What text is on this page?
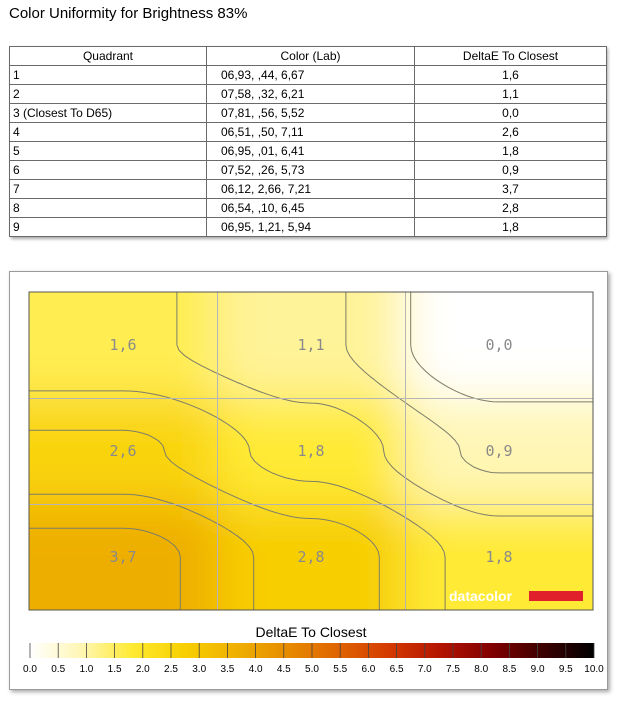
Color Uniformity for Brightness 83%
Quadrant	Color (Lab)	DeltaE To Closest
1	06,93, ,44, 6,67	1,6
2	07,58, ,32, 6,21	1,1
3 (Closest To D65)	07,81, ,56, 5,52	0,0
4	06,51, ,50, 7,11	2,6
5	06,95, ,01, 6,41	1,8
6	07,52, ,26, 5,73	0,9
7	06,12, 2,66, 7,21	3,7
8	06,54, ,10, 6,45	2,8
9	06,95, 1,21, 5,94	1,8
1,6	1,1	0,0
2,6	1,8	0,9
3,7	2,8	1,8
datacolor
DeltaE To Closest
0.0 0.5 1.0 1.5 2.0 2.5 3.0 3.5 4.0 4.5 5.0 5.5 6.0 6.5 7.0 7.5 8.0 8.5 9.0 9.5 10.0
